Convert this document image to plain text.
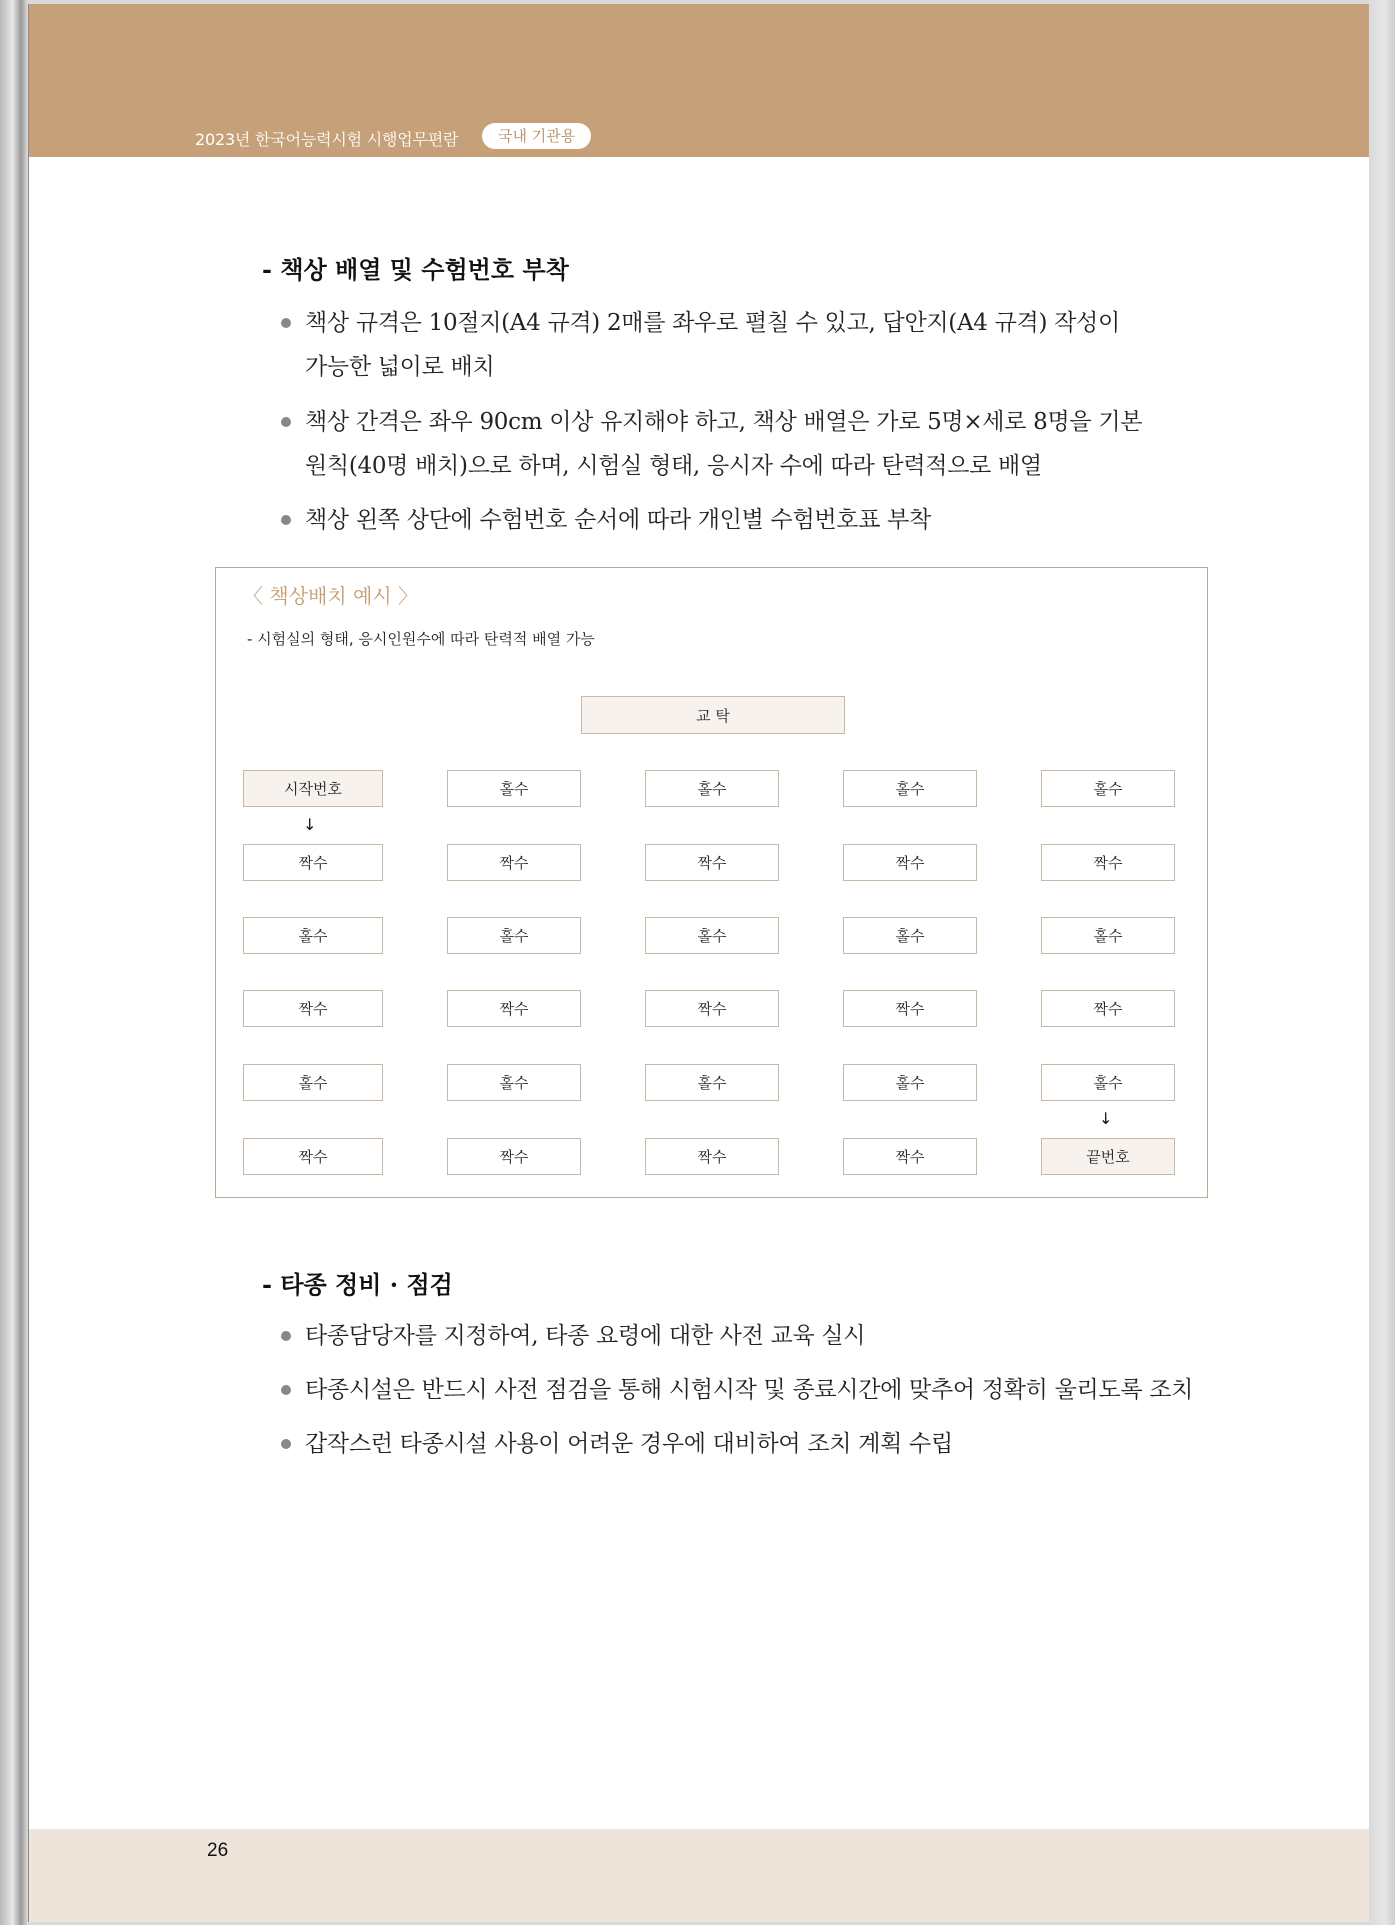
2023년 한국어능력시험 시행업무편람	국내 기관용
- 책상 배열 및 수험번호 부착
책상 규격은 10절지(A4 규격) 2매를 좌우로 펼칠 수 있고, 답안지(A4 규격) 작성이
가능한 넓이로 배치
책상 간격은 좌우 90cm 이상 유지해야 하고, 책상 배열은 가로 5명×세로 8명을 기본
원칙(40명 배치)으로 하며, 시험실 형태, 응시자 수에 따라 탄력적으로 배열
책상 왼쪽 상단에 수험번호 순서에 따라 개인별 수험번호표 부착
〈 책상배치 예시 〉
- 시험실의 형태, 응시인원수에 따라 탄력적 배열 가능
교 탁
시작번호	홀수	홀수	홀수	홀수
짝수	짝수	짝수	짝수	짝수
홀수	홀수	홀수	홀수	홀수
짝수	짝수	짝수	짝수	짝수
홀수	홀수	홀수	홀수	홀수
짝수	짝수	짝수	짝수	끝번호
↓
↓
- 타종 정비 · 점검
타종담당자를 지정하여, 타종 요령에 대한 사전 교육 실시
타종시설은 반드시 사전 점검을 통해 시험시작 및 종료시간에 맞추어 정확히 울리도록 조치
갑작스런 타종시설 사용이 어려운 경우에 대비하여 조치 계획 수립
26
